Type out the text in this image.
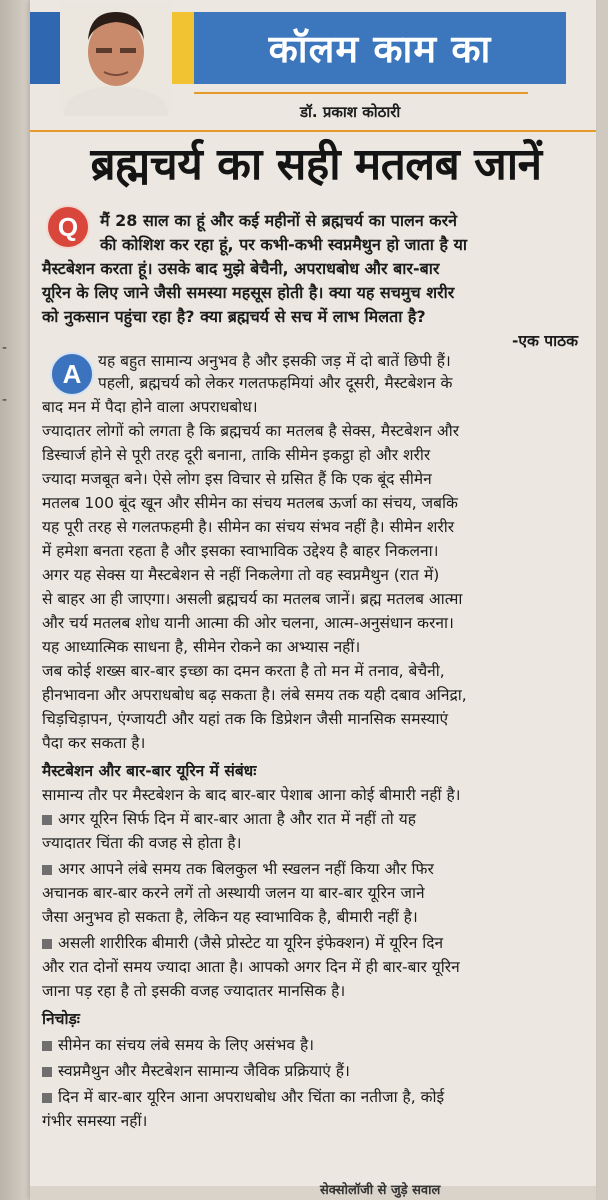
-
-
कॉलम काम का
डॉ. प्रकाश कोठारी
ब्रह्मचर्य का सही मतलब जानें
Q	मैं 28 साल का हूं और कई महीनों से ब्रह्मचर्य का पालन करने
की कोशिश कर रहा हूं, पर कभी-कभी स्वप्नमैथुन हो जाता है या
मैस्टबेशन करता हूं। उसके बाद मुझे बेचैनी, अपराधबोध और बार-बार
यूरिन के लिए जाने जैसी समस्या महसूस होती है। क्या यह सचमुच शरीर
को नुकसान पहुंचा रहा है? क्या ब्रह्मचर्य से सच में लाभ मिलता है?
-एक पाठक
A	यह बहुत सामान्य अनुभव है और इसकी जड़ में दो बातें छिपी हैं।
पहली, ब्रह्मचर्य को लेकर गलतफहमियां और दूसरी, मैस्टबेशन के
बाद मन में पैदा होने वाला अपराधबोध।
ज्यादातर लोगों को लगता है कि ब्रह्मचर्य का मतलब है सेक्स, मैस्टबेशन और
डिस्चार्ज होने से पूरी तरह दूरी बनाना, ताकि सीमेन इकट्ठा हो और शरीर
ज्यादा मजबूत बने। ऐसे लोग इस विचार से ग्रसित हैं कि एक बूंद सीमेन
मतलब 100 बूंद खून और सीमेन का संचय मतलब ऊर्जा का संचय, जबकि
यह पूरी तरह से गलतफहमी है। सीमेन का संचय संभव नहीं है। सीमेन शरीर
में हमेशा बनता रहता है और इसका स्वाभाविक उद्देश्य है बाहर निकलना।
अगर यह सेक्स या मैस्टबेशन से नहीं निकलेगा तो वह स्वप्नमैथुन (रात में)
से बाहर आ ही जाएगा। असली ब्रह्मचर्य का मतलब जानें। ब्रह्म मतलब आत्मा
और चर्य मतलब शोध यानी आत्मा की ओर चलना, आत्म-अनुसंधान करना।
यह आध्यात्मिक साधना है, सीमेन रोकने का अभ्यास नहीं।
जब कोई शख्स बार-बार इच्छा का दमन करता है तो मन में तनाव, बेचैनी,
हीनभावना और अपराधबोध बढ़ सकता है। लंबे समय तक यही दबाव अनिद्रा,
चिड़चिड़ापन, एंग्जायटी और यहां तक कि डिप्रेशन जैसी मानसिक समस्याएं
पैदा कर सकता है।
मैस्टबेशन और बार-बार यूरिन में संबंधः
सामान्य तौर पर मैस्टबेशन के बाद बार-बार पेशाब आना कोई बीमारी नहीं है।
अगर यूरिन सिर्फ दिन में बार-बार आता है और रात में नहीं तो यह
ज्यादातर चिंता की वजह से होता है।
अगर आपने लंबे समय तक बिलकुल भी स्खलन नहीं किया और फिर
अचानक बार-बार करने लगें तो अस्थायी जलन या बार-बार यूरिन जाने
जैसा अनुभव हो सकता है, लेकिन यह स्वाभाविक है, बीमारी नहीं है।
असली शारीरिक बीमारी (जैसे प्रोस्टेट या यूरिन इंफेक्शन) में यूरिन दिन
और रात दोनों समय ज्यादा आता है। आपको अगर दिन में ही बार-बार यूरिन
जाना पड़ रहा है तो इसकी वजह ज्यादातर मानसिक है।
निचोड़ः
सीमेन का संचय लंबे समय के लिए असंभव है।
स्वप्नमैथुन और मैस्टबेशन सामान्य जैविक प्रक्रियाएं हैं।
दिन में बार-बार यूरिन आना अपराधबोध और चिंता का नतीजा है, कोई
गंभीर समस्या नहीं।
सेक्सोलॉजी से जुड़े सवाल
